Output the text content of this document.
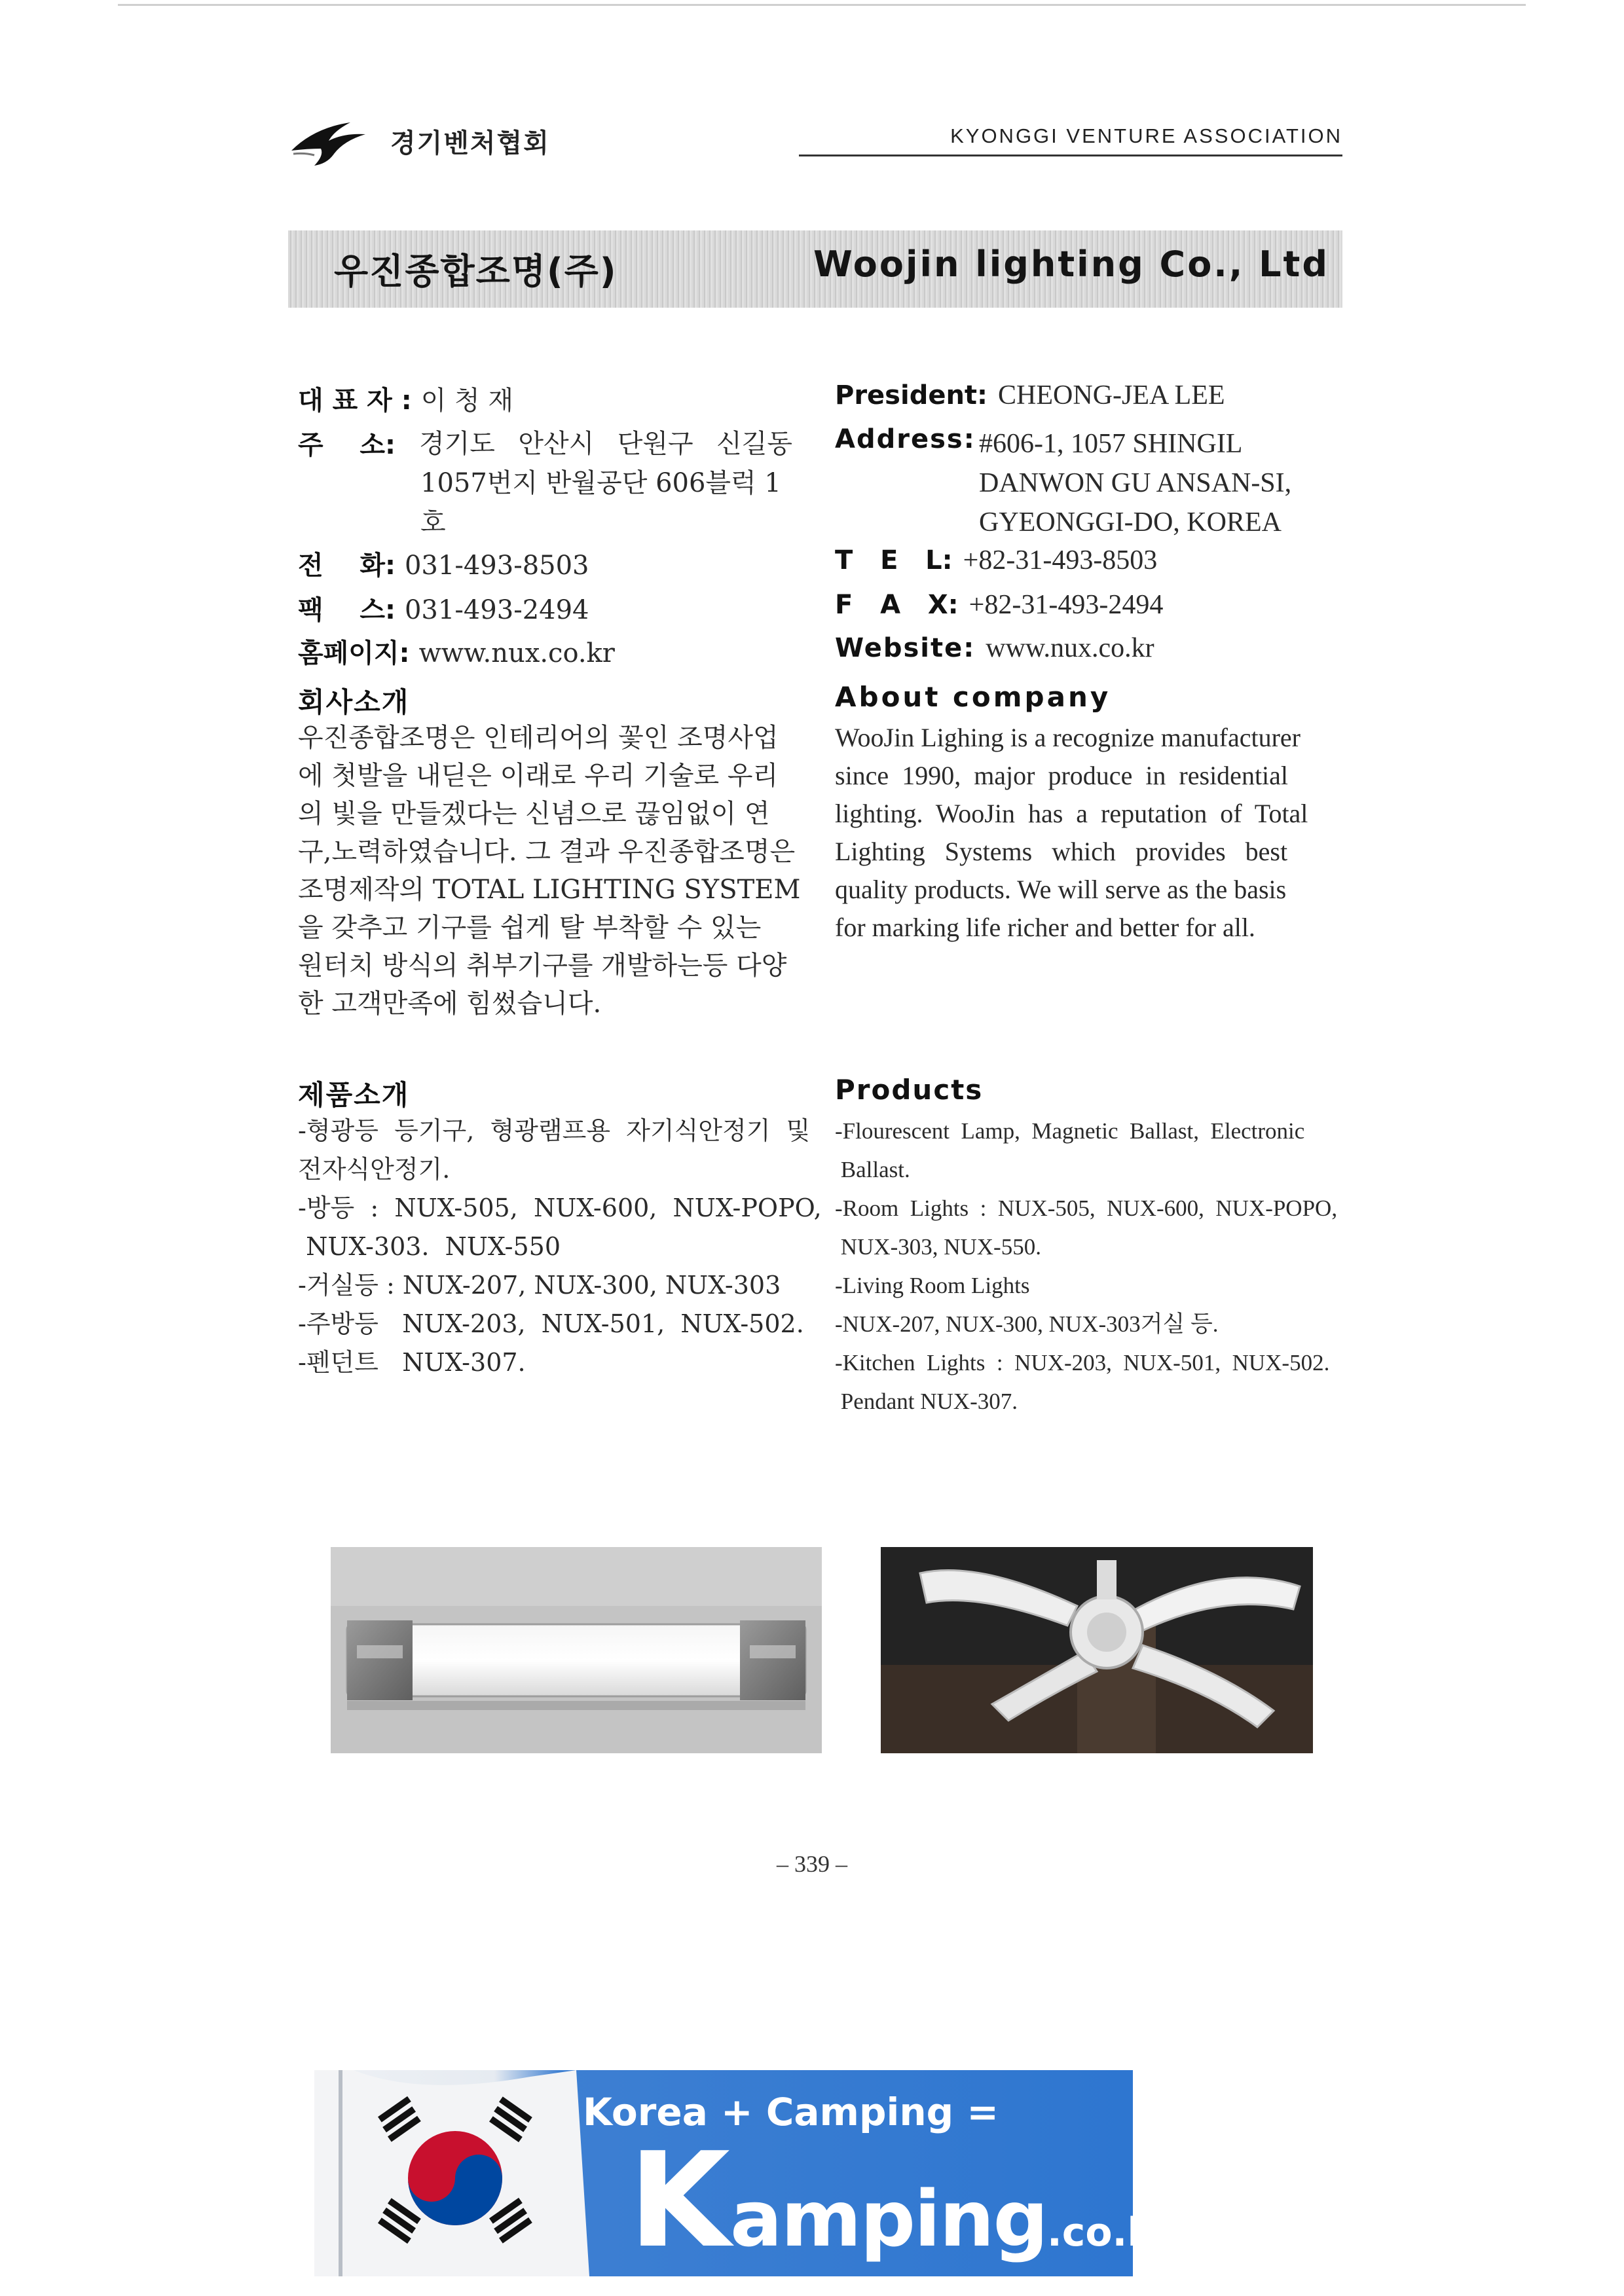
경기벤처협회	KYONGGI VENTURE ASSOCIATION
우진종합조명(주)	Woojin lighting Co., Ltd
대 표 자 : 이 청 재
주    소: 경기도 안산시 단원구 신길동
1057번지 반월공단 606블럭 1호
전    화: 031-493-8503
팩    스: 031-493-2494
홈페이지: www.nux.co.kr
회사소개
우진종합조명은 인테리어의 꽃인 조명사업
에 첫발을 내딛은 이래로 우리 기술로 우리
의 빛을 만들겠다는 신념으로 끊임없이 연
구,노력하였습니다. 그 결과 우진종합조명은
조명제작의 TOTAL LIGHTING SYSTEM
을 갖추고 기구를 쉽게 탈 부착할 수 있는
원터치 방식의 취부기구를 개발하는등 다양
한 고객만족에 힘썼습니다.
제품소개
-형광등  등기구,  형광램프용  자기식안정기  및
전자식안정기.
-방등  :  NUX-505,  NUX-600,  NUX-POPO,
NUX-303.  NUX-550
-거실등 : NUX-207, NUX-300, NUX-303
-주방등   NUX-203,  NUX-501,  NUX-502.
-펜던트   NUX-307.
President: CHEONG-JEA LEE
Address: #606-1, 1057 SHINGIL
DANWON GU ANSAN-SI,
GYEONGGI-DO, KOREA
T   E   L: +82-31-493-8503
F   A   X: +82-31-493-2494
Website: www.nux.co.kr
About company
WooJin Lighing is a recognize manufacturer
since  1990,  major  produce  in  residential
lighting.  WooJin  has  a  reputation  of  Total
Lighting   Systems   which   provides   best
quality products. We will serve as the basis
for marking life richer and better for all.
Products
-Flourescent  Lamp,  Magnetic  Ballast,  Electronic
Ballast.
-Room  Lights  :  NUX-505,  NUX-600,  NUX-POPO,
NUX-303, NUX-550.
-Living Room Lights
-NUX-207, NUX-300, NUX-303거실 등.
-Kitchen  Lights  :  NUX-203,  NUX-501,  NUX-502.
Pendant NUX-307.
– 339 –
Korea + Camping =
K amping .co.kr
